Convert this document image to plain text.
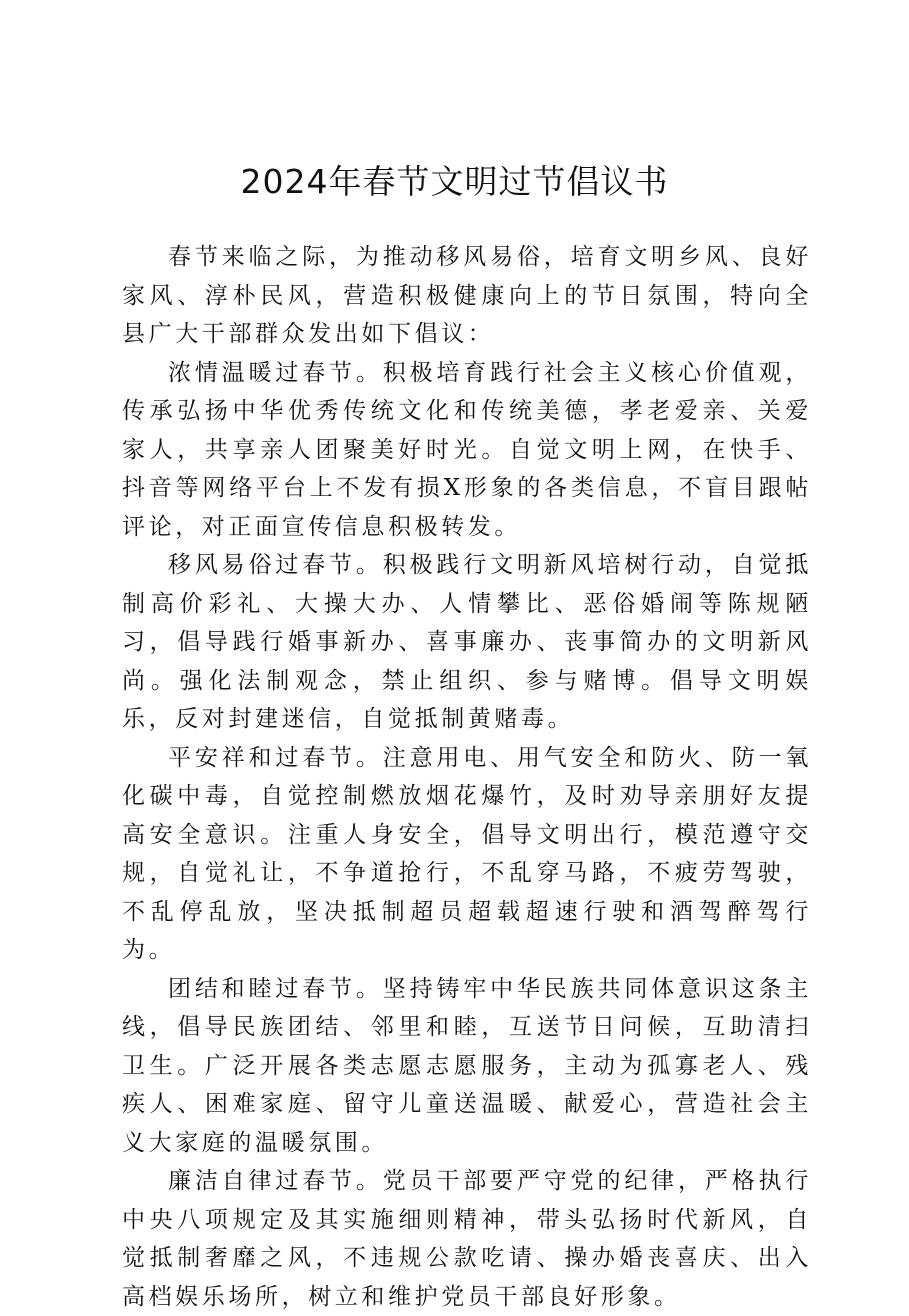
2024年春节文明过节倡议书

春节来临之际，为推动移风易俗，培育文明乡风、良好家风、淳朴民风，营造积极健康向上的节日氛围，特向全县广大干部群众发出如下倡议：

浓情温暖过春节。积极培育践行社会主义核心价值观，传承弘扬中华优秀传统文化和传统美德，孝老爱亲、关爱家人，共享亲人团聚美好时光。自觉文明上网，在快手、抖音等网络平台上不发有损X形象的各类信息，不盲目跟帖评论，对正面宣传信息积极转发。

移风易俗过春节。积极践行文明新风培树行动，自觉抵制高价彩礼、大操大办、人情攀比、恶俗婚闹等陈规陋习，倡导践行婚事新办、喜事廉办、丧事简办的文明新风尚。强化法制观念，禁止组织、参与赌博。倡导文明娱乐，反对封建迷信，自觉抵制黄赌毒。

平安祥和过春节。注意用电、用气安全和防火、防一氧化碳中毒，自觉控制燃放烟花爆竹，及时劝导亲朋好友提高安全意识。注重人身安全，倡导文明出行，模范遵守交规，自觉礼让，不争道抢行，不乱穿马路，不疲劳驾驶，不乱停乱放，坚决抵制超员超载超速行驶和酒驾醉驾行为。

团结和睦过春节。坚持铸牢中华民族共同体意识这条主线，倡导民族团结、邻里和睦，互送节日问候，互助清扫卫生。广泛开展各类志愿志愿服务，主动为孤寡老人、残疾人、困难家庭、留守儿童送温暖、献爱心，营造社会主义大家庭的温暖氛围。

廉洁自律过春节。党员干部要严守党的纪律，严格执行中央八项规定及其实施细则精神，带头弘扬时代新风，自觉抵制奢靡之风，不违规公款吃请、操办婚丧喜庆、出入高档娱乐场所，树立和维护党员干部良好形象。
